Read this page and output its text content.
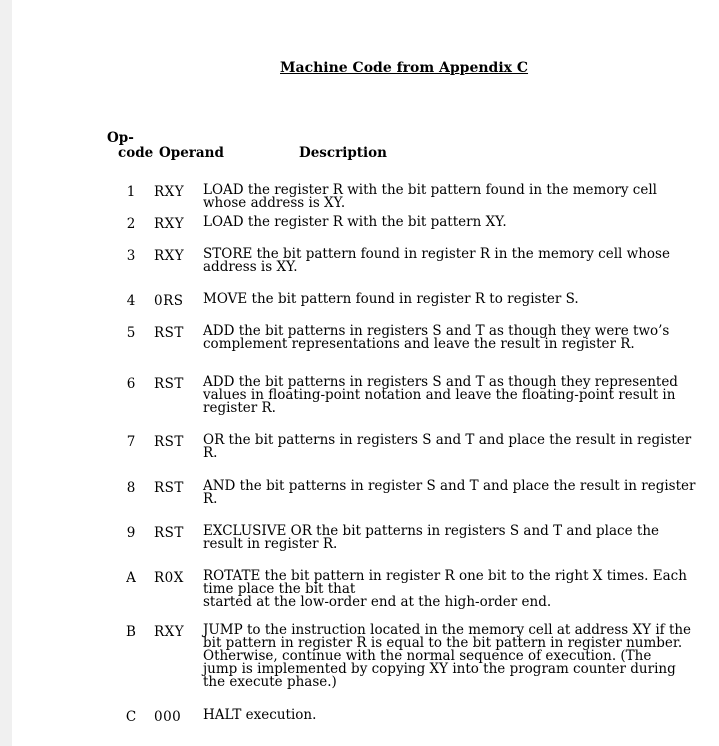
Machine Code from Appendix C
Op-
code Operand	Description
1 RXY LOAD the register R with the bit pattern found in the memory cell
whose address is XY.
2 RXY LOAD the register R with the bit pattern XY.
3 RXY STORE the bit pattern found in register R in the memory cell whose
address is XY.
4 0RS MOVE the bit pattern found in register R to register S.
5 RST ADD the bit patterns in registers S and T as though they were two’s
complement representations and leave the result in register R.
6 RST ADD the bit patterns in registers S and T as though they represented
values in floating-point notation and leave the floating-point result in
register R.
7 RST OR the bit patterns in registers S and T and place the result in register
R.
8 RST AND the bit patterns in register S and T and place the result in register
R.
9 RST EXCLUSIVE OR the bit patterns in registers S and T and place the
result in register R.
A R0X ROTATE the bit pattern in register R one bit to the right X times. Each
time place the bit that
started at the low-order end at the high-order end.
B RXY JUMP to the instruction located in the memory cell at address XY if the
bit pattern in register R is equal to the bit pattern in register number.
Otherwise, continue with the normal sequence of execution. (The
jump is implemented by copying XY into the program counter during
the execute phase.)
C 000 HALT execution.
